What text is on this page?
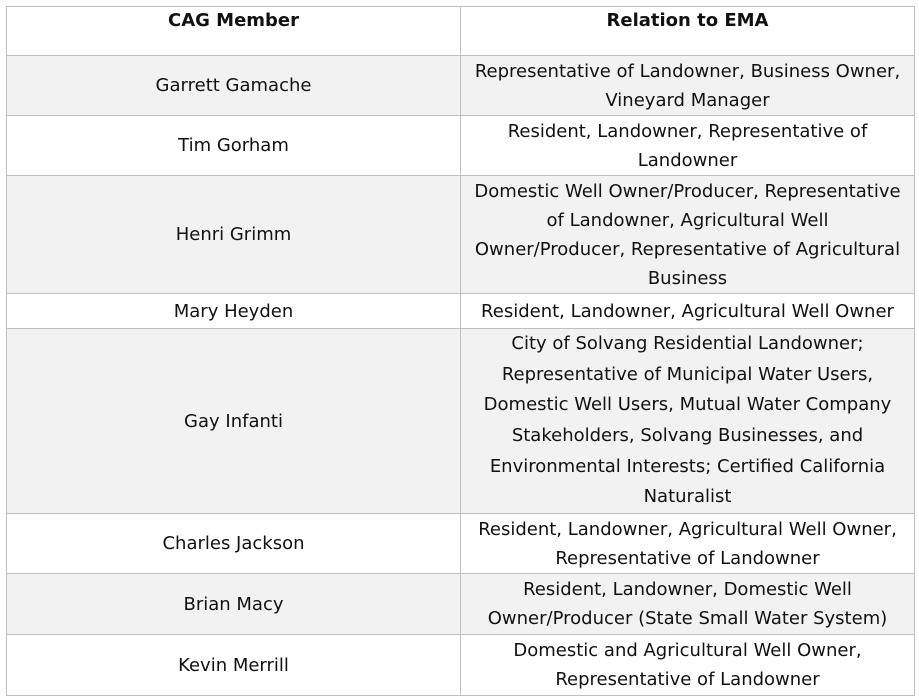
CAG Member	Relation to EMA
Garrett Gamache	Representative of Landowner, Business Owner, Vineyard Manager
Tim Gorham	Resident, Landowner, Representative of Landowner
Henri Grimm	Domestic Well Owner/Producer, Representative of Landowner, Agricultural Well Owner/Producer, Representative of Agricultural Business
Mary Heyden	Resident, Landowner, Agricultural Well Owner
Gay Infanti	City of Solvang Residential Landowner; Representative of Municipal Water Users, Domestic Well Users, Mutual Water Company Stakeholders, Solvang Businesses, and Environmental Interests; Certified California Naturalist
Charles Jackson	Resident, Landowner, Agricultural Well Owner, Representative of Landowner
Brian Macy	Resident, Landowner, Domestic Well Owner/Producer (State Small Water System)
Kevin Merrill	Domestic and Agricultural Well Owner, Representative of Landowner
